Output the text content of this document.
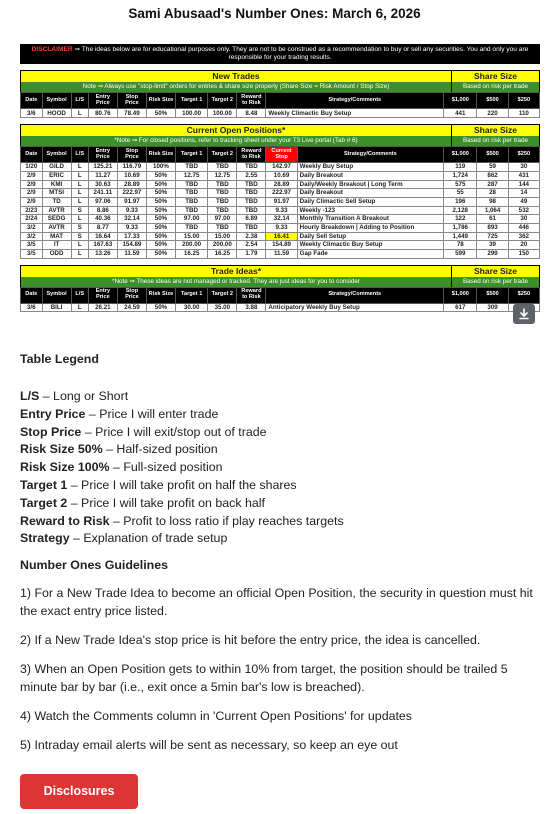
Sami Abusaad's Number Ones: March 6, 2026
DISCLAIMER ⇒ The ideas below are for educational purposes only. They are not to be construed as a recommendation to buy or sell any securities. You and only you are responsible for your trading results.
New Trades	Share Size
Note ⇒ Always use "stop-limit" orders for entries & share size properly (Share Size = Risk Amount / Stop Size)	Based on risk per trade
Date	Symbol	L/S	Entry Price	Stop Price	Risk Size	Target 1	Target 2	Reward to Risk	Strategy/Comments	$1,000	$500	$250
3/6	HOOD	L	80.76	78.49	50%	100.00	100.00	8.48	Weekly Climactic Buy Setup	441	220	110
Current Open Positions*	Share Size
*Note ⇒ For closed positions, refer to tracking sheet under your T3 Live portal (Tab # 6)	Based on risk per trade
Date	Symbol	L/S	Entry Price	Stop Price	Risk Size	Target 1	Target 2	Reward to Risk	Current Stop	Strategy/Comments	$1,000	$500	$250
1/20	GILD	L	125.21	116.79	100%	TBD	TBD	TBD	142.97	Weekly Buy Setup	119	59	30
2/9	ERIC	L	11.27	10.69	50%	12.75	12.75	2.55	10.69	Daily Breakout	1,724	862	431
2/9	KMI	L	30.63	28.89	50%	TBD	TBD	TBD	28.89	Daily/Weekly Breakout | Long Term	575	287	144
2/9	MTSI	L	241.11	222.97	50%	TBD	TBD	TBD	222.97	Daily Breakout	55	28	14
2/9	TD	L	97.06	91.97	50%	TBD	TBD	TBD	91.97	Daily Climactic Sell Setup	196	98	49
2/23	AVTR	S	8.86	9.33	50%	TBD	TBD	TBD	9.33	Weekly -123	2,128	1,064	532
2/24	SEDG	L	40.36	32.14	50%	97.00	97.00	6.89	32.14	Monthly Transition A Breakout	122	61	30
3/2	AVTR	S	8.77	9.33	50%	TBD	TBD	TBD	9.33	Hourly Breakdown | Adding to Position	1,786	893	446
3/2	MAT	S	16.64	17.33	50%	15.00	15.00	2.38	16.41	Daily Sell Setup	1,449	725	362
3/5	IT	L	167.63	154.89	50%	200.00	200.00	2.54	154.89	Weekly Climactic Buy Setup	78	39	20
3/5	ODD	L	13.26	11.59	50%	16.25	16.25	1.79	11.59	Gap Fade	599	299	150
Trade Ideas*	Share Size
*Note ⇒ These ideas are not managed or tracked. They are just ideas for you to consider	Based on risk per trade
Date	Symbol	L/S	Entry Price	Stop Price	Risk Size	Target 1	Target 2	Reward to Risk	Strategy/Comments	$1,000	$500	$250
3/6	BILI	L	26.21	24.59	50%	30.00	35.00	3.88	Anticipatory Weekly Buy Setup	617	309	
Table Legend
L/S – Long or Short
Entry Price – Price I will enter trade
Stop Price – Price I will exit/stop out of trade
Risk Size 50% – Half-sized position
Risk Size 100% – Full-sized position
Target 1 – Price I will take profit on half the shares
Target 2 – Price I will take profit on back half
Reward to Risk – Profit to loss ratio if play reaches targets
Strategy – Explanation of trade setup
Number Ones Guidelines

1) For a New Trade Idea to become an official Open Position, the security in question must hit the exact entry price listed.

2) If a New Trade Idea's stop price is hit before the entry price, the idea is cancelled.

3) When an Open Position gets to within 10% from target, the position should be trailed 5 minute bar by bar (i.e., exit once a 5min bar's low is breached).

4) Watch the Comments column in 'Current Open Positions' for updates

5) Intraday email alerts will be sent as necessary, so keep an eye out

Disclosures
